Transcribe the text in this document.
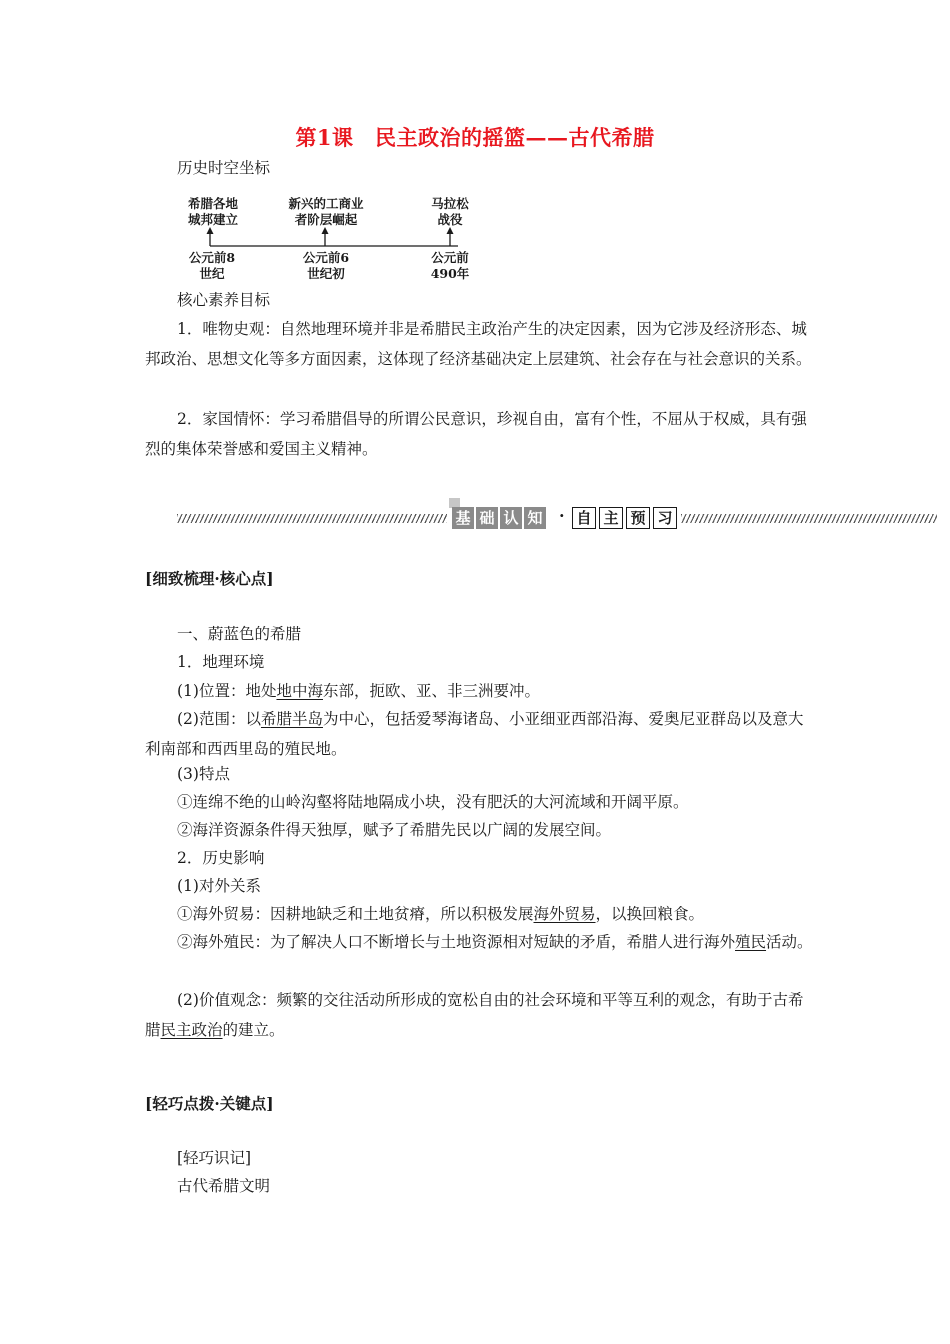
第1课　民主政治的摇篮——古代希腊
历史时空坐标
希腊各地
城邦建立
新兴的工商业
者阶层崛起
马拉松
战役
公元前8
世纪
公元前6
世纪初
公元前
490年
核心素养目标
1．唯物史观：自然地理环境并非是希腊民主政治产生的决定因素，因为它涉及经济形态、城邦政治、思想文化等多方面因素，这体现了经济基础决定上层建筑、社会存在与社会意识的关系。
2．家国情怀：学习希腊倡导的所谓公民意识，珍视自由，富有个性，不屈从于权威，具有强烈的集体荣誉感和爱国主义精神。
基 础 认 知	· 自 主 预 习
[细致梳理·核心点]
一、蔚蓝色的希腊
1．地理环境
(1)位置：地处地中海东部，扼欧、亚、非三洲要冲。
(2)范围：以希腊半岛为中心，包括爱琴海诸岛、小亚细亚西部沿海、爱奥尼亚群岛以及意大利南部和西西里岛的殖民地。
(3)特点
①连绵不绝的山岭沟壑将陆地隔成小块，没有肥沃的大河流域和开阔平原。
②海洋资源条件得天独厚，赋予了希腊先民以广阔的发展空间。
2．历史影响
(1)对外关系
①海外贸易：因耕地缺乏和土地贫瘠，所以积极发展海外贸易，以换回粮食。
②海外殖民：为了解决人口不断增长与土地资源相对短缺的矛盾，希腊人进行海外殖民活动。
(2)价值观念：频繁的交往活动所形成的宽松自由的社会环境和平等互利的观念，有助于古希腊民主政治的建立。
[轻巧点拨·关键点]
[轻巧识记]
古代希腊文明
